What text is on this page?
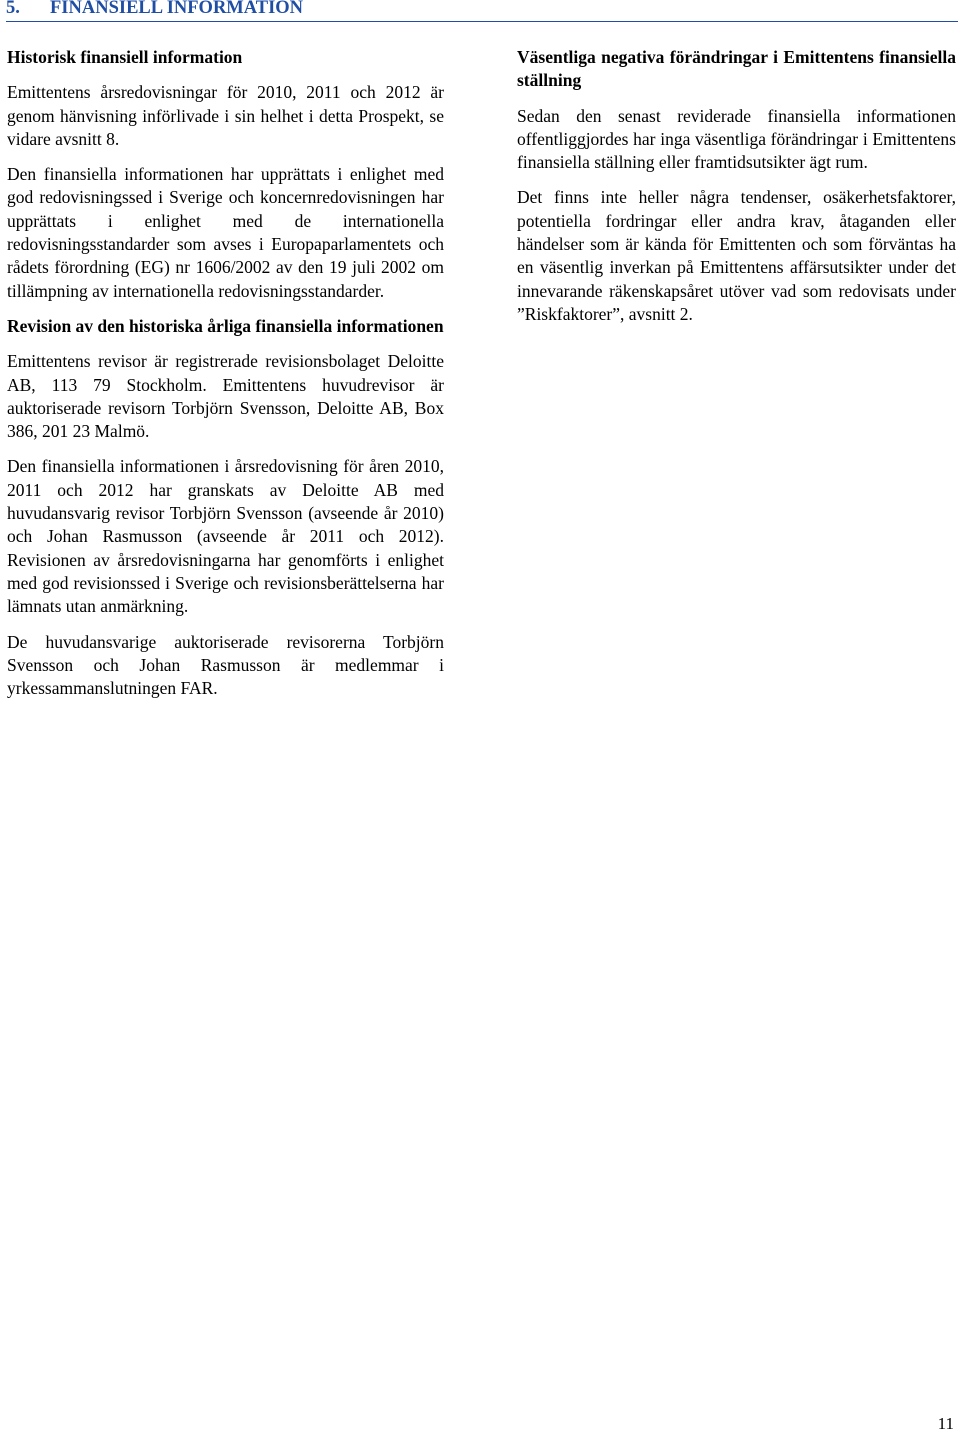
5. FINANSIELL INFORMATION
Historisk finansiell information

Emittentens årsredovisningar för 2010, 2011 och 2012 är genom hänvisning införlivade i sin helhet i detta Prospekt, se vidare avsnitt 8.

Den finansiella informationen har upprättats i enlighet med god redovisningssed i Sverige och koncernredovisningen har upprättats i enlighet med de internationella redovisningsstandarder som avses i Europaparlamentets och rådets förordning (EG) nr 1606/2002 av den 19 juli 2002 om tillämpning av internationella redovisningsstandarder.

Revision av den historiska årliga finansiella informationen

Emittentens revisor är registrerade revisionsbolaget Deloitte AB, 113 79 Stockholm. Emittentens huvudrevisor är auktoriserade revisorn Torbjörn Svensson, Deloitte AB, Box 386, 201 23 Malmö.

Den finansiella informationen i årsredovisning för åren 2010, 2011 och 2012 har granskats av Deloitte AB med huvudansvarig revisor Torbjörn Svensson (avseende år 2010) och Johan Rasmusson (avseende år 2011 och 2012). Revisionen av årsredovisningarna har genomförts i enlighet med god revisionssed i Sverige och revisionsberättelserna har lämnats utan anmärkning.

De huvudansvarige auktoriserade revisorerna Torbjörn Svensson och Johan Rasmusson är medlemmar i yrkessammanslutningen FAR.

Väsentliga negativa förändringar i Emittentens finansiella ställning

Sedan den senast reviderade finansiella informationen offentliggjordes har inga väsentliga förändringar i Emittentens finansiella ställning eller framtidsutsikter ägt rum.

Det finns inte heller några tendenser, osäkerhetsfaktorer, potentiella fordringar eller andra krav, åtaganden eller händelser som är kända för Emittenten och som förväntas ha en väsentlig inverkan på Emittentens affärsutsikter under det innevarande räkenskapsåret utöver vad som redovisats under ”Riskfaktorer”, avsnitt 2.

11
